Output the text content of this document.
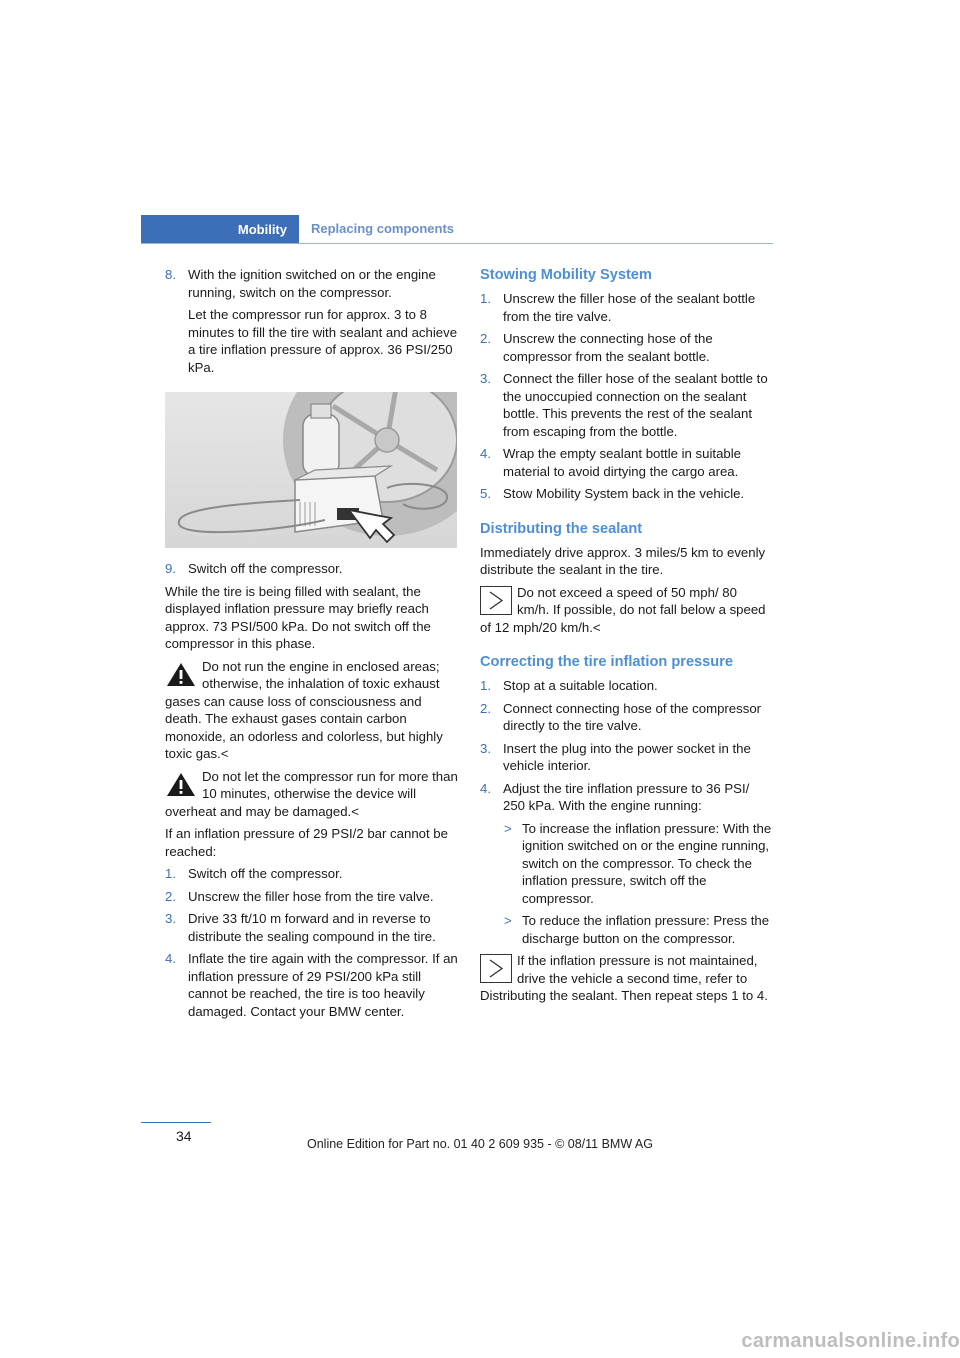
Mobility	Replacing components
8. With the ignition switched on or the engine running, switch on the compressor.

Let the compressor run for approx. 3 to 8 minutes to fill the tire with sealant and achieve a tire inflation pressure of approx. 36 PSI/250 kPa.

9. Switch off the compressor.

While the tire is being filled with sealant, the displayed inflation pressure may briefly reach approx. 73 PSI/500 kPa. Do not switch off the compressor in this phase.

Do not run the engine in enclosed areas; otherwise, the inhalation of toxic exhaust gases can cause loss of consciousness and death. The exhaust gases contain carbon monoxide, an odorless and colorless, but highly toxic gas.<
Do not let the compressor run for more than 10 minutes, otherwise the device will overheat and may be damaged.<

If an inflation pressure of 29 PSI/2 bar cannot be reached:

1. Switch off the compressor.
2. Unscrew the filler hose from the tire valve.
3. Drive 33 ft/10 m forward and in reverse to distribute the sealing compound in the tire.
4. Inflate the tire again with the compressor. If an inflation pressure of 29 PSI/200 kPa still cannot be reached, the tire is too heavily damaged. Contact your BMW center.
Stowing Mobility System
1. Unscrew the filler hose of the sealant bottle from the tire valve.
2. Unscrew the connecting hose of the compressor from the sealant bottle.
3. Connect the filler hose of the sealant bottle to the unoccupied connection on the sealant bottle. This prevents the rest of the sealant from escaping from the bottle.
4. Wrap the empty sealant bottle in suitable material to avoid dirtying the cargo area.
5. Stow Mobility System back in the vehicle.
Distributing the sealant

Immediately drive approx. 3 miles/5 km to evenly distribute the sealant in the tire.

Do not exceed a speed of 50 mph/ 80 km/h. If possible, do not fall below a speed of 12 mph/20 km/h.<
Correcting the tire inflation pressure
1. Stop at a suitable location.
2. Connect connecting hose of the compressor directly to the tire valve.
3. Insert the plug into the power socket in the vehicle interior.
4. Adjust the tire inflation pressure to 36 PSI/ 250 kPa. With the engine running:

> To increase the inflation pressure: With the ignition switched on or the engine running, switch on the compressor. To check the inflation pressure, switch off the compressor.
> To reduce the inflation pressure: Press the discharge button on the compressor.
If the inflation pressure is not maintained, drive the vehicle a second time, refer to Distributing the sealant. Then repeat steps 1 to 4.
34	Online Edition for Part no. 01 40 2 609 935 - © 08/11 BMW AG
carmanualsonline.info
